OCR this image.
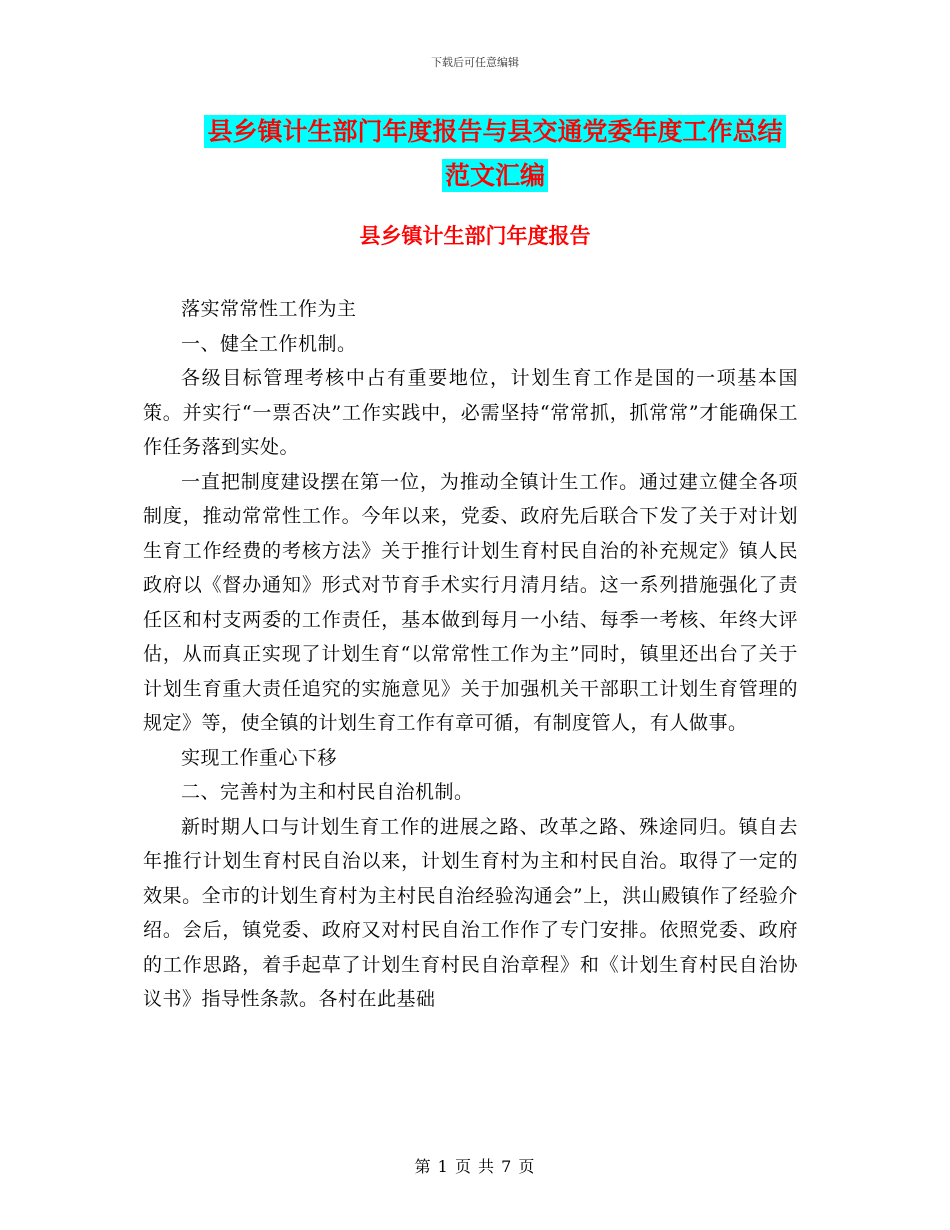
下载后可任意编辑
县乡镇计生部门年度报告与县交通党委年度工作总结
范文汇编
县乡镇计生部门年度报告

落实常常性工作为主

一、健全工作机制。

各级目标管理考核中占有重要地位，计划生育工作是国的一项基本国策。并实行“一票否决”工作实践中，必需坚持“常常抓，抓常常”才能确保工作任务落到实处。

一直把制度建设摆在第一位，为推动全镇计生工作。通过建立健全各项制度，推动常常性工作。今年以来，党委、政府先后联合下发了关于对计划生育工作经费的考核方法》关于推行计划生育村民自治的补充规定》镇人民政府以《督办通知》形式对节育手术实行月清月结。这一系列措施强化了责任区和村支两委的工作责任，基本做到每月一小结、每季一考核、年终大评估，从而真正实现了计划生育“以常常性工作为主”同时，镇里还出台了关于计划生育重大责任追究的实施意见》关于加强机关干部职工计划生育管理的规定》等，使全镇的计划生育工作有章可循，有制度管人，有人做事。

实现工作重心下移

二、完善村为主和村民自治机制。

新时期人口与计划生育工作的进展之路、改革之路、殊途同归。镇自去年推行计划生育村民自治以来，计划生育村为主和村民自治。取得了一定的效果。全市的计划生育村为主村民自治经验沟通会”上，洪山殿镇作了经验介绍。会后，镇党委、政府又对村民自治工作作了专门安排。依照党委、政府的工作思路，着手起草了计划生育村民自治章程》和《计划生育村民自治协议书》指导性条款。各村在此基础

第 1 页 共 7 页
